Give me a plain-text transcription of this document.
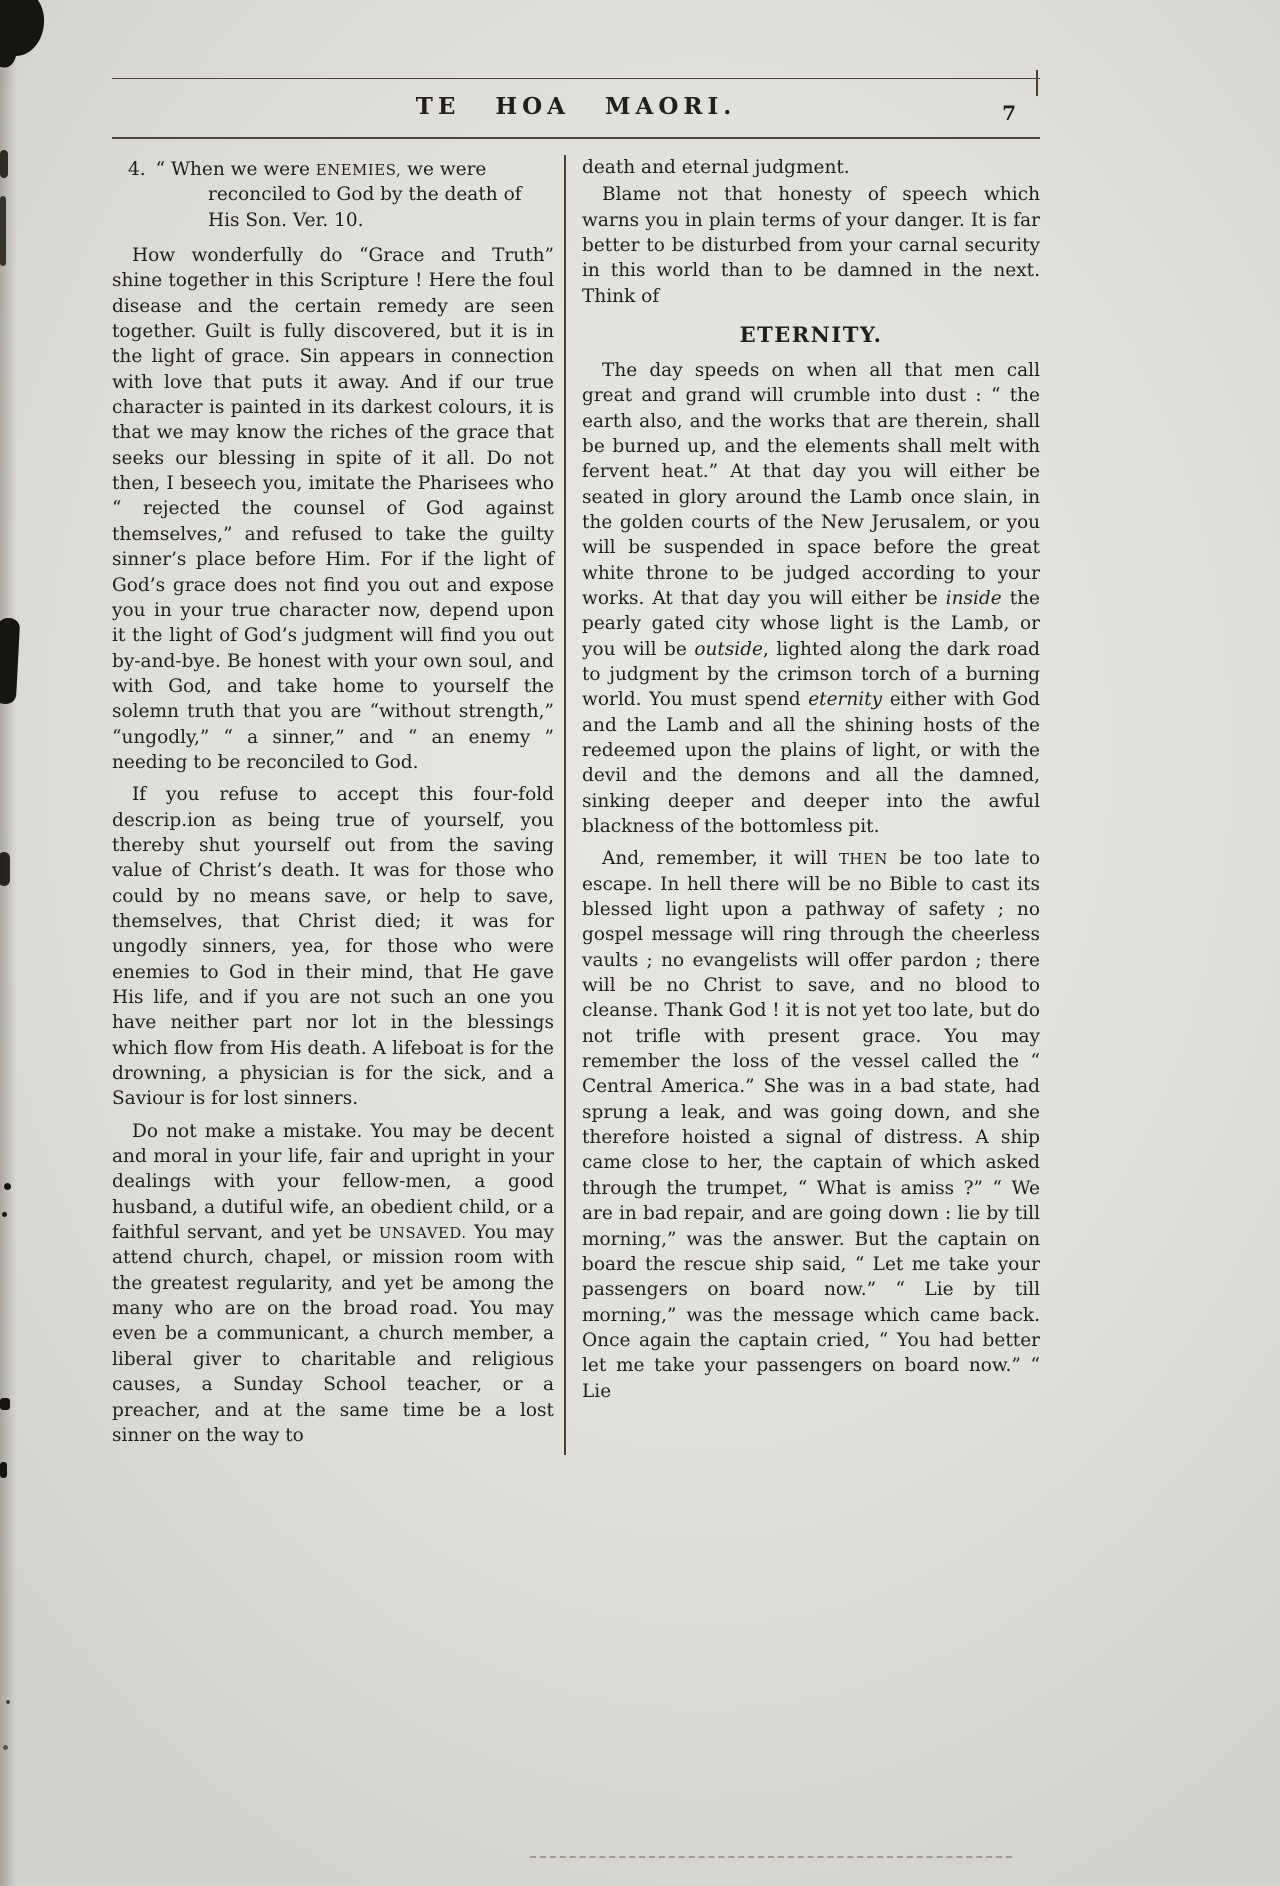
TE HOA MAORI.	7
4. “ When we were ENEMIES, we were reconciled to God by the death of His Son. Ver. 10.

How wonderfully do “Grace and Truth” shine together in this Scripture ! Here the foul disease and the certain remedy are seen together. Guilt is fully discovered, but it is in the light of grace. Sin appears in connection with love that puts it away. And if our true character is painted in its darkest colours, it is that we may know the riches of the grace that seeks our blessing in spite of it all. Do not then, I beseech you, imitate the Pharisees who “ rejected the counsel of God against themselves,” and refused to take the guilty sinner’s place before Him. For if the light of God’s grace does not find you out and expose you in your true character now, depend upon it the light of God’s judgment will find you out by-and-bye. Be honest with your own soul, and with God, and take home to yourself the solemn truth that you are “without strength,” “ungodly,” “ a sinner,” and “ an enemy ” needing to be reconciled to God.

If you refuse to accept this four-fold descrip.ion as being true of yourself, you thereby shut yourself out from the saving value of Christ’s death. It was for those who could by no means save, or help to save, themselves, that Christ died; it was for ungodly sinners, yea, for those who were enemies to God in their mind, that He gave His life, and if you are not such an one you have neither part nor lot in the blessings which flow from His death. A lifeboat is for the drowning, a physician is for the sick, and a Saviour is for lost sinners.

Do not make a mistake. You may be decent and moral in your life, fair and upright in your dealings with your fellow-men, a good husband, a dutiful wife, an obedient child, or a faithful servant, and yet be UNSAVED. You may attend church, chapel, or mission room with the greatest regularity, and yet be among the many who are on the broad road. You may even be a communicant, a church member, a liberal giver to charitable and religious causes, a Sunday School teacher, or a preacher, and at the same time be a lost sinner on the way to

death and eternal judgment.

Blame not that honesty of speech which warns you in plain terms of your danger. It is far better to be disturbed from your carnal security in this world than to be damned in the next. Think of

ETERNITY.

The day speeds on when all that men call great and grand will crumble into dust : “ the earth also, and the works that are therein, shall be burned up, and the elements shall melt with fervent heat.” At that day you will either be seated in glory around the Lamb once slain, in the golden courts of the New Jerusalem, or you will be suspended in space before the great white throne to be judged according to your works. At that day you will either be inside the pearly gated city whose light is the Lamb, or you will be outside, lighted along the dark road to judgment by the crimson torch of a burning world. You must spend eternity either with God and the Lamb and all the shining hosts of the redeemed upon the plains of light, or with the devil and the demons and all the damned, sinking deeper and deeper into the awful blackness of the bottomless pit.

And, remember, it will THEN be too late to escape. In hell there will be no Bible to cast its blessed light upon a pathway of safety ; no gospel message will ring through the cheerless vaults ; no evangelists will offer pardon ; there will be no Christ to save, and no blood to cleanse. Thank God ! it is not yet too late, but do not trifle with present grace. You may remember the loss of the vessel called the “ Central America.” She was in a bad state, had sprung a leak, and was going down, and she therefore hoisted a signal of distress. A ship came close to her, the captain of which asked through the trumpet, “ What is amiss ?” “ We are in bad repair, and are going down : lie by till morning,” was the answer. But the captain on board the rescue ship said, “ Let me take your passengers on board now.” “ Lie by till morning,” was the message which came back. Once again the captain cried, “ You had better let me take your passengers on board now.” “ Lie
